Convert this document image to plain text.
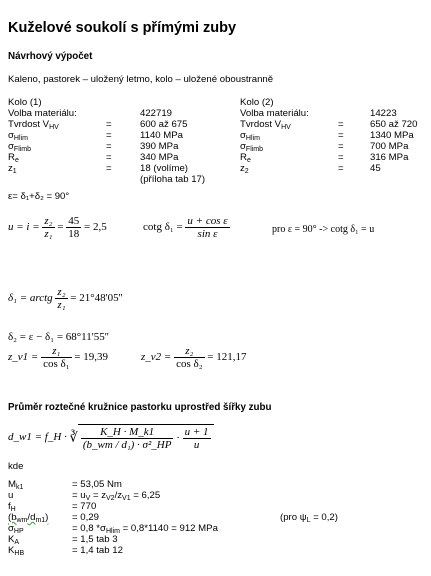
Kuželové soukolí s přímými zuby
Návrhový výpočet
Kaleno, pastorek – uložený letmo, kolo – uložené oboustranně
Kolo (1)
Volba materiálu:	422719
Tvrdost $V_{HV}$	=	600 až 675
$\sigma_{Hlim}$	=	1140 MPa
$\sigma_{Flimb}$	=	390 MPa
$R_e$	=	340 MPa
$z_1$	=	18 (volíme)
(příloha tab 17)
Kolo (2)
Volba materiálu:	14223
Tvrdost $V_{HV}$	=	650 až 720
$\sigma_{Hlim}$	=	1340 MPa
$\sigma_{Flimb}$	=	700 MPa
$R_e$	=	316 MPa
$z_2$	=	45
ε= δ₁+δ₂ = 90°
$u = i = \frac{\text{z₂}}{\text{z₁}} = \frac{45}{18} = 2,5$	cotg $\delta_1 = \frac{\text{u + cos ε}}{\text{sin ε}}$	pro ε = 90° -> cotg δ₁ = u
δ₁ = arctg $\frac{\text{z₂}}{\text{z₁}} = 21^\circ 48'05''$
δ₂ = ε − δ₁ = 68°11'55''
z_v1 = $\frac{\text{z₁}}{\text{cos δ₁}} = 19,39$	z_v2 = $\frac{\text{z₂}}{\text{cos δ₂}} = 121,17$
Průměr roztečné kružnice pastorku uprostřed šířky zubu
d_w1 = f_H · ∛ $\frac{K\_H \cdot M\_k1}{\text{(b\_wm / d₁) · σ²\_HP}} \cdot \frac{u + 1}{u}$
kde
$M_{k1}$	= 53,05 Nm
u	= $u_V = z_{V2}/z_{V1} = 6,25$
$f_H$	= 770
$(b_{wm}/d_{m1}) = 0,29$	(pro $\psi_L = 0,2$)
$\sigma_{HP}$	= 0,8 $*\sigma_{Hlim} = 0,8*1140 = 912$ MPa
$K_A$	= 1,5 tab 3
$K_{HB}$	= 1,4 tab 12
